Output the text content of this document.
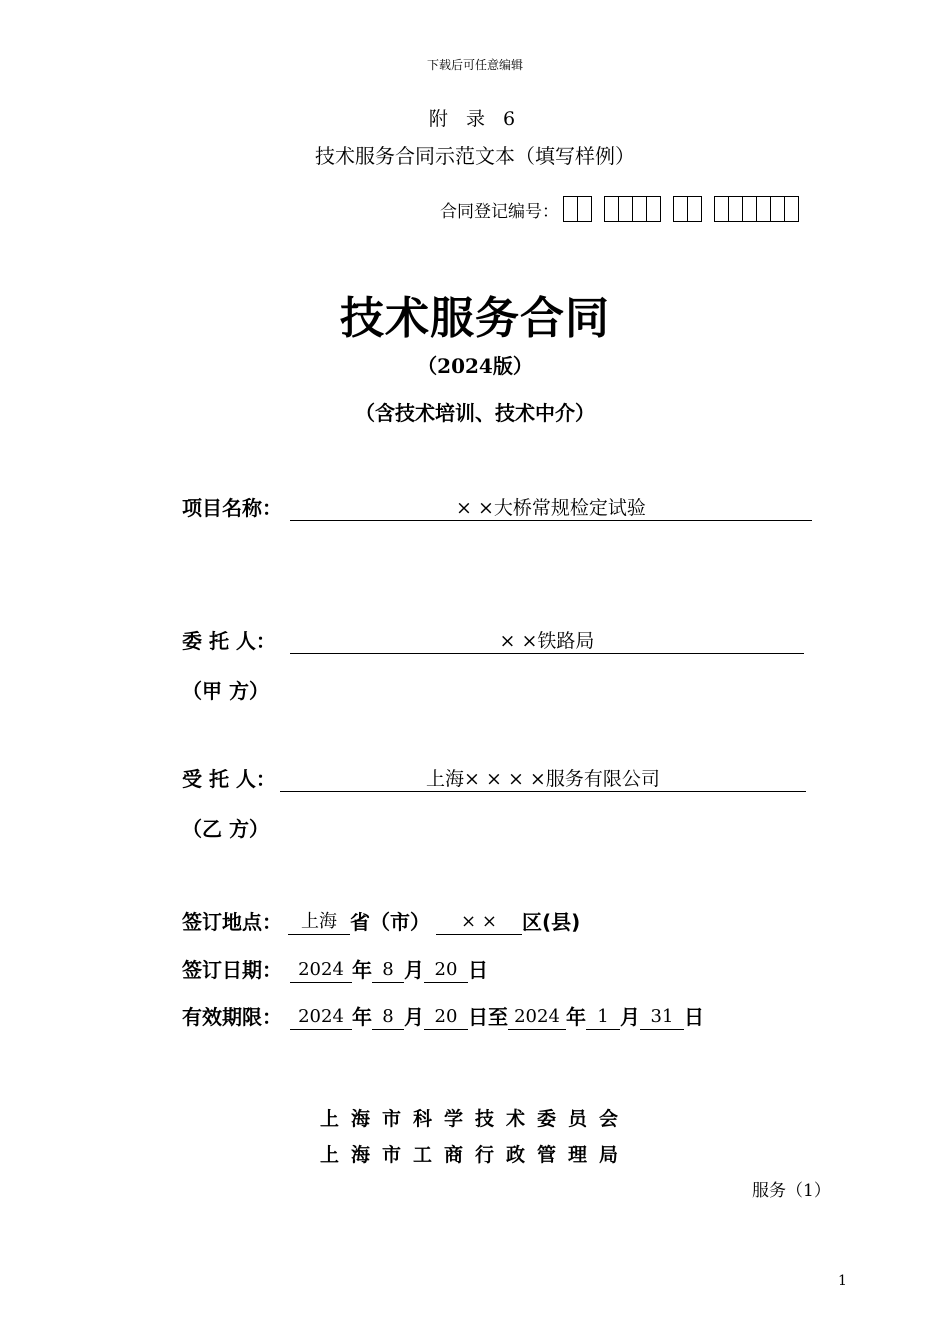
下载后可任意编辑
附 录 6
技术服务合同示范文本（填写样例）
合同登记编号：
技术服务合同
（2024版）
（含技术培训、技术中介）
项目名称：	× ×大桥常规检定试验
委 托 人：	× ×铁路局
（甲 方）
受 托 人：	上海× × × ×服务有限公司
（乙 方）
签订地点：	上海 省（市）	× ×	区(县)
签订日期： 2024 年 8 月 20 日
有效期限： 2024 年 8 月 20 日至 2024 年 1 月 31 日
上海市科学技术委员会
上海市工商行政管理局
服务（1）
1
